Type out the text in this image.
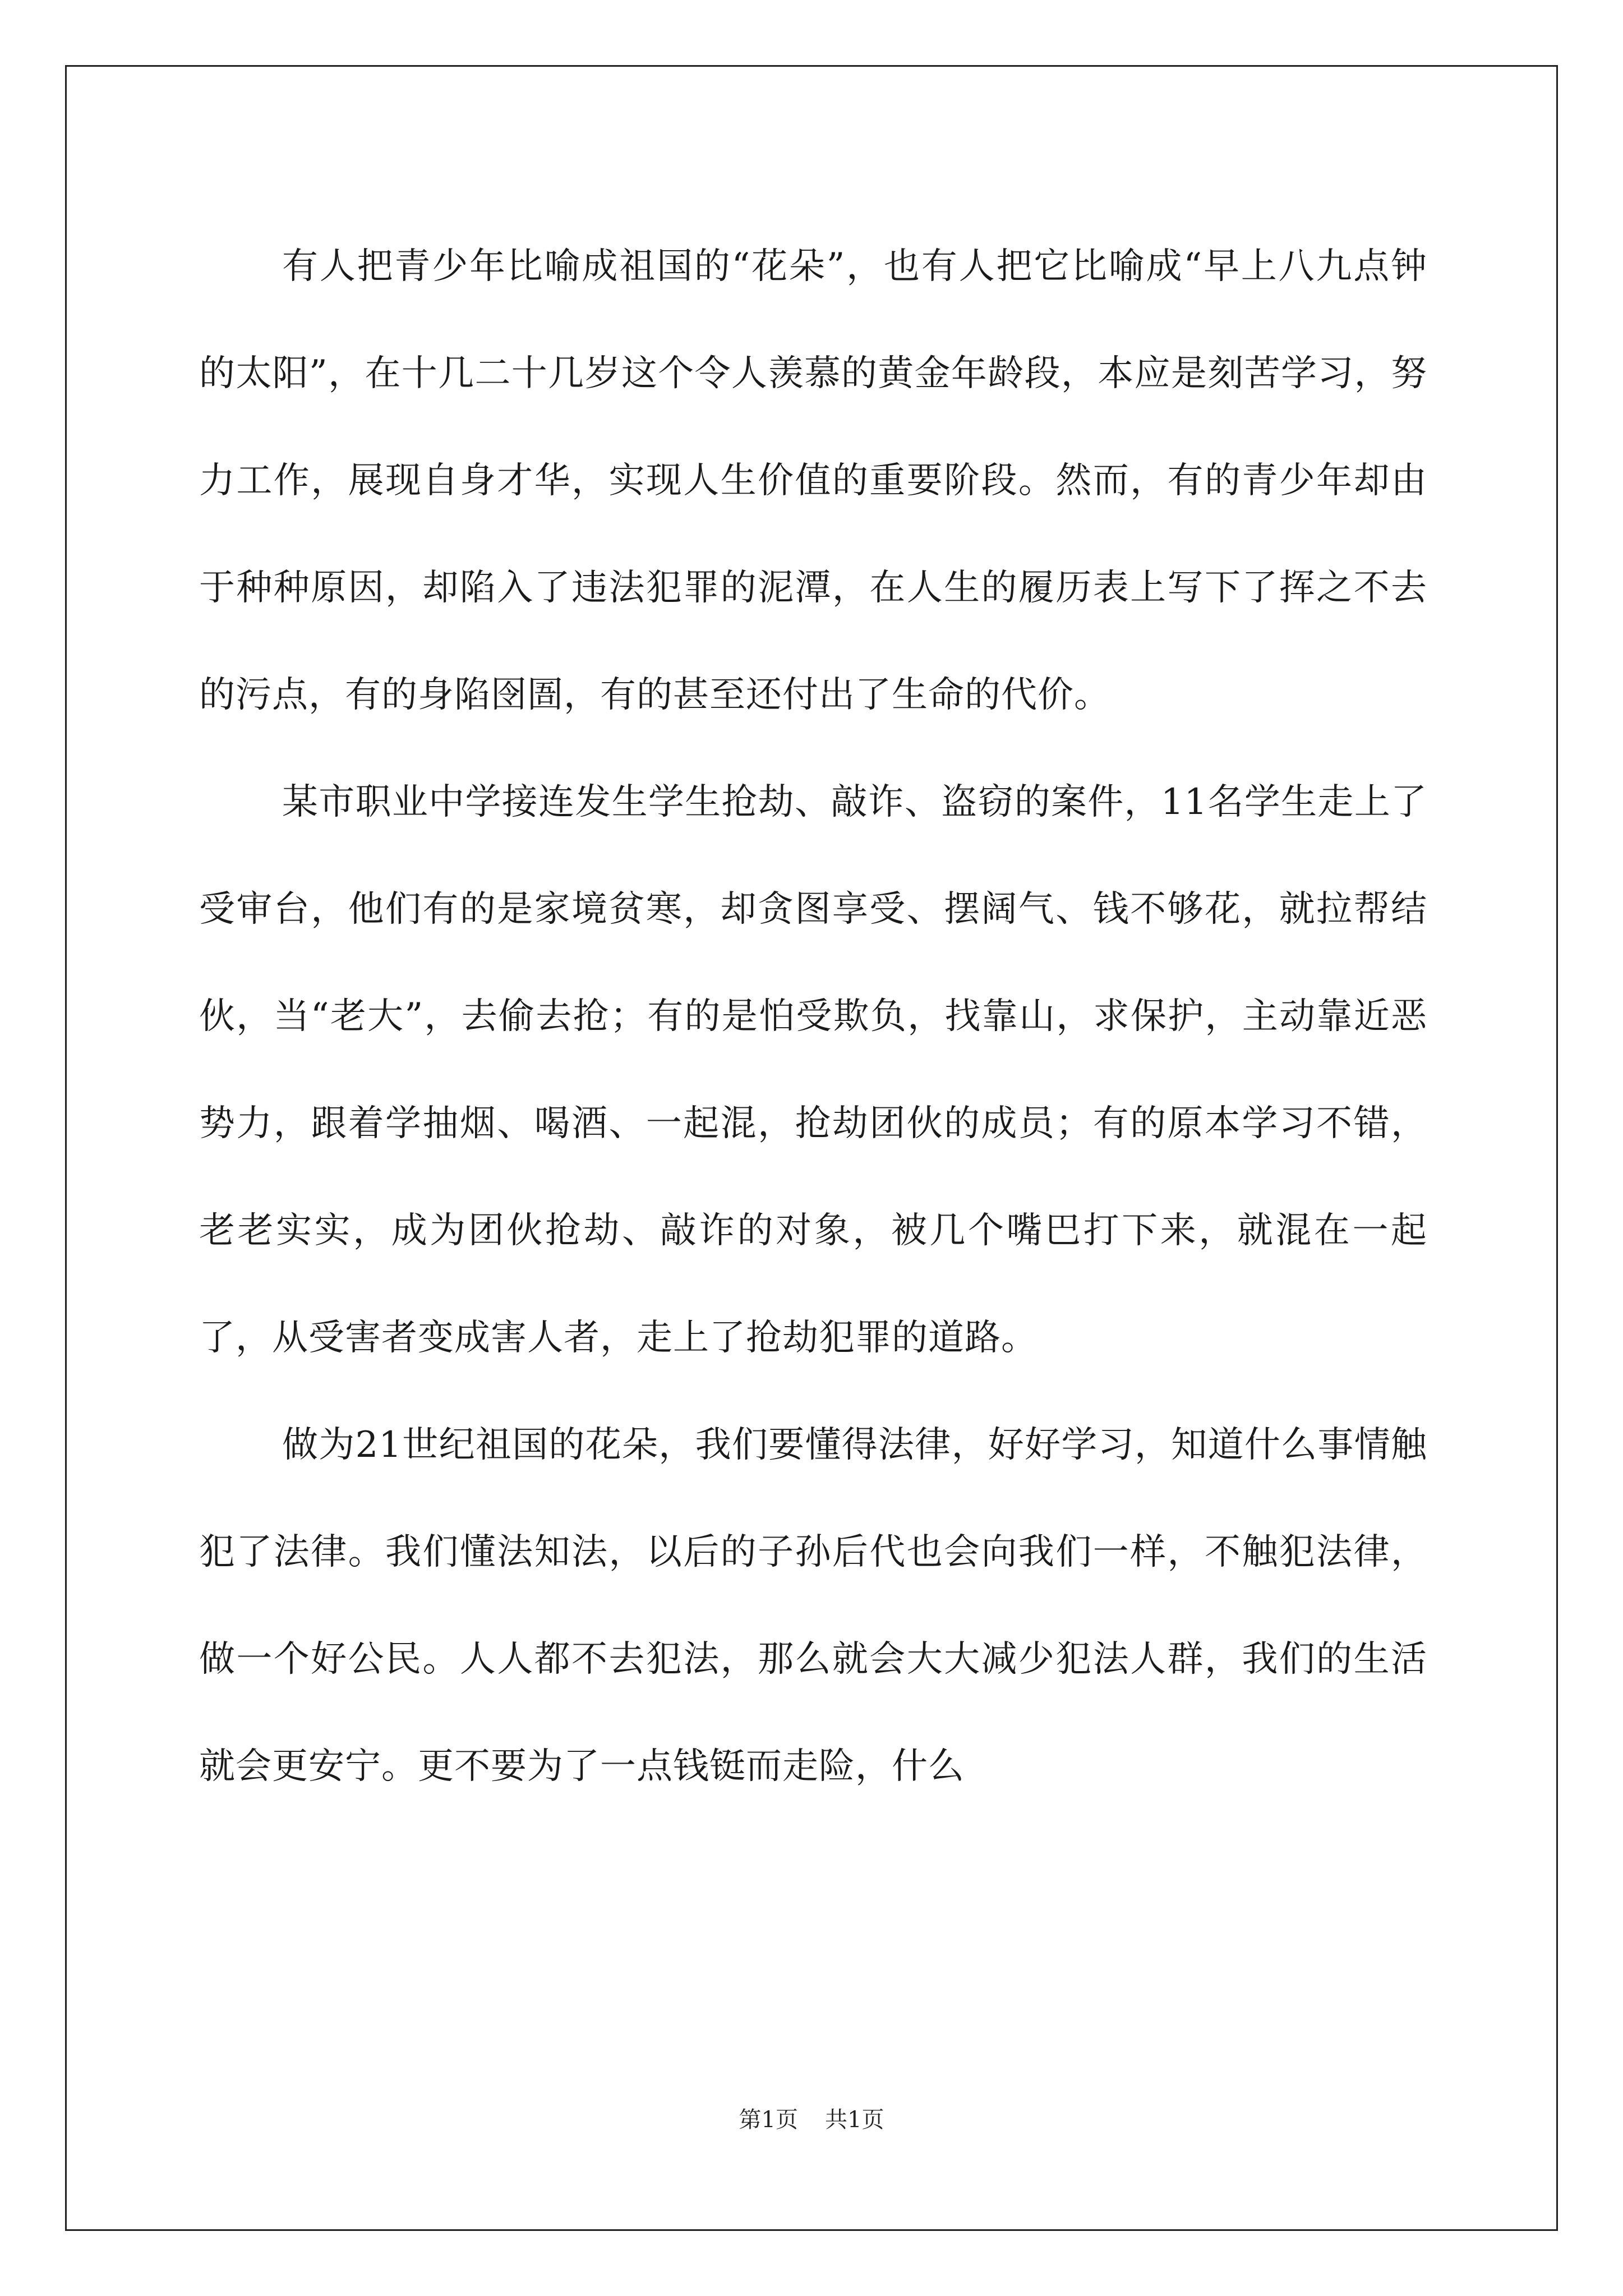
有人把青少年比喻成祖国的“花朵”，也有人把它比喻成“早上八九点钟的太阳”，在十几二十几岁这个令人羡慕的黄金年龄段，本应是刻苦学习，努力工作，展现自身才华，实现人生价值的重要阶段。然而，有的青少年却由于种种原因，却陷入了违法犯罪的泥潭，在人生的履历表上写下了挥之不去的污点，有的身陷囹圄，有的甚至还付出了生命的代价。

某市职业中学接连发生学生抢劫、敲诈、盗窃的案件，11名学生走上了受审台，他们有的是家境贫寒，却贪图享受、摆阔气、钱不够花，就拉帮结伙，当“老大”，去偷去抢；有的是怕受欺负，找靠山，求保护，主动靠近恶势力，跟着学抽烟、喝酒、一起混，抢劫团伙的成员；有的原本学习不错，老老实实，成为团伙抢劫、敲诈的对象，被几个嘴巴打下来，就混在一起了，从受害者变成害人者，走上了抢劫犯罪的道路。

做为21世纪祖国的花朵，我们要懂得法律，好好学习，知道什么事情触犯了法律。我们懂法知法，以后的子孙后代也会向我们一样，不触犯法律，做一个好公民。人人都不去犯法，那么就会大大减少犯法人群，我们的生活就会更安宁。更不要为了一点钱铤而走险，什么

第1页 共1页
